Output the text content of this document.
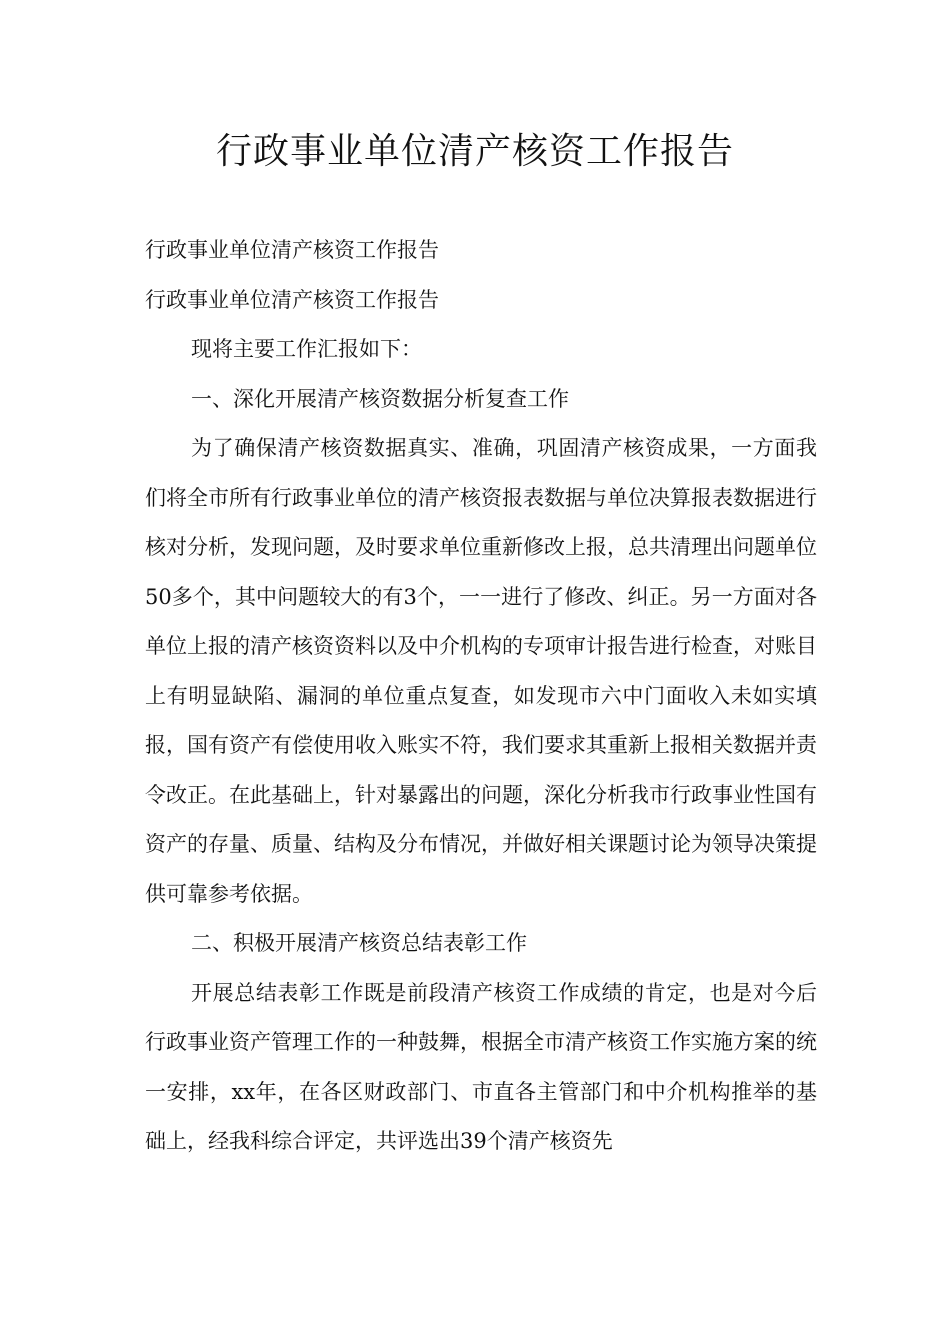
行政事业单位清产核资工作报告

行政事业单位清产核资工作报告

行政事业单位清产核资工作报告

现将主要工作汇报如下：

一、深化开展清产核资数据分析复查工作

为了确保清产核资数据真实、准确，巩固清产核资成果，一方面我们将全市所有行政事业单位的清产核资报表数据与单位决算报表数据进行核对分析，发现问题，及时要求单位重新修改上报，总共清理出问题单位50多个，其中问题较大的有3个，一一进行了修改、纠正。另一方面对各单位上报的清产核资资料以及中介机构的专项审计报告进行检查，对账目上有明显缺陷、漏洞的单位重点复查，如发现市六中门面收入未如实填报，国有资产有偿使用收入账实不符，我们要求其重新上报相关数据并责令改正。在此基础上，针对暴露出的问题，深化分析我市行政事业性国有资产的存量、质量、结构及分布情况，并做好相关课题讨论为领导决策提供可靠参考依据。

二、积极开展清产核资总结表彰工作

开展总结表彰工作既是前段清产核资工作成绩的肯定，也是对今后行政事业资产管理工作的一种鼓舞，根据全市清产核资工作实施方案的统一安排，xx年，在各区财政部门、市直各主管部门和中介机构推举的基础上，经我科综合评定，共评选出39个清产核资先
